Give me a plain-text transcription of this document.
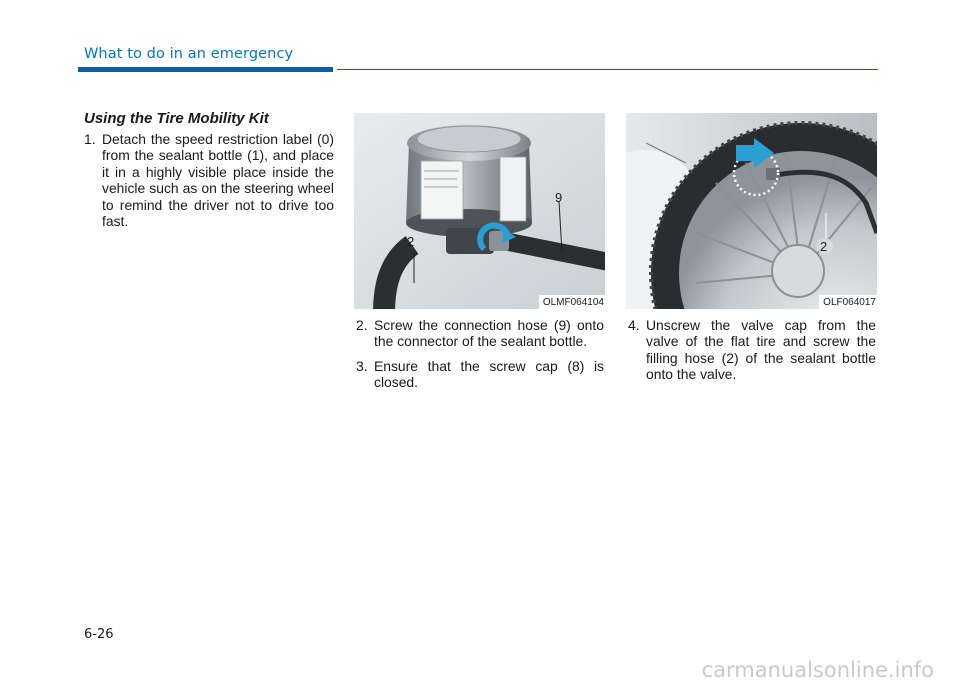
What to do in an emergency
Using the Tire Mobility Kit
1. Detach the speed restriction label (0) from the sealant bottle (1), and place it in a highly visible place inside the vehicle such as on the steering wheel to remind the driver not to drive too fast.
9
2
OLMF064104
2
OLF064017
2. Screw the connection hose (9) onto the connector of the sealant bottle.
3. Ensure that the screw cap (8) is closed.
4. Unscrew the valve cap from the valve of the flat tire and screw the filling hose (2) of the sealant bottle onto the valve.
6-26
carmanualsonline.info
